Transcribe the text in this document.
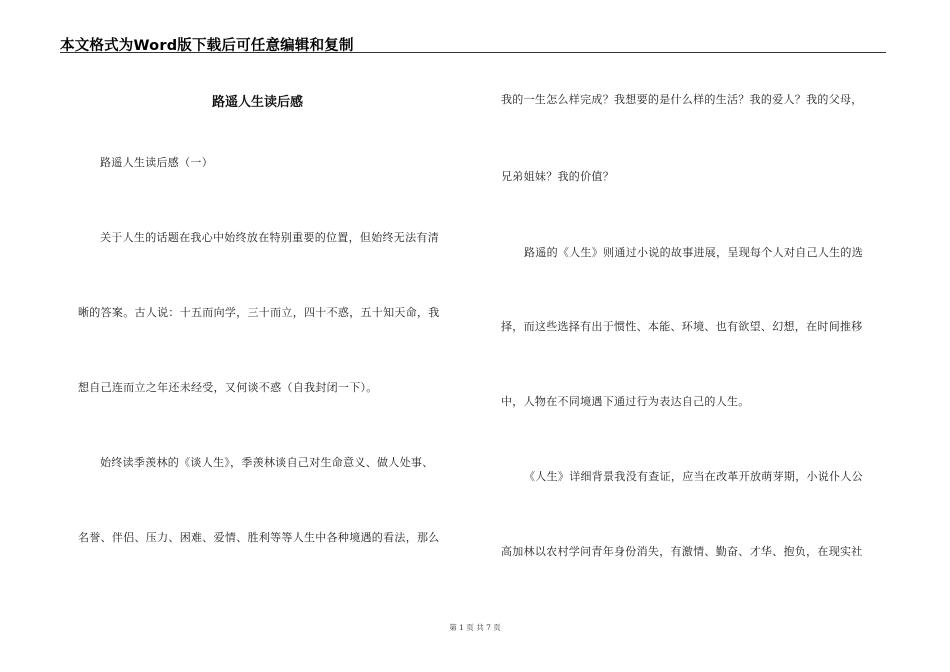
本文格式为Word版下载后可任意编辑和复制
路遥人生读后感
路遥人生读后感（一）
关于人生的话题在我心中始终放在特别重要的位置，但始终无法有清
晰的答案。古人说：十五而向学，三十而立，四十不惑，五十知天命，我
想自己连而立之年还未经受，又何谈不惑（自我封闭一下）。
始终读季羡林的《谈人生》，季羡林谈自己对生命意义、做人处事、
名誉、伴侣、压力、困难、爱情、胜利等等人生中各种境遇的看法，那么
我的一生怎么样完成？我想要的是什么样的生活？我的爱人？我的父母，
兄弟姐妹？我的价值？
路遥的《人生》则通过小说的故事进展，呈现每个人对自己人生的选
择，而这些选择有出于惯性、本能、环境、也有欲望、幻想，在时间推移
中，人物在不同境遇下通过行为表达自己的人生。
《人生》详细背景我没有查证，应当在改革开放萌芽期，小说仆人公
高加林以农村学问青年身份消失，有激情、勤奋、才华、抱负，在现实社
第 1 页 共 7 页
